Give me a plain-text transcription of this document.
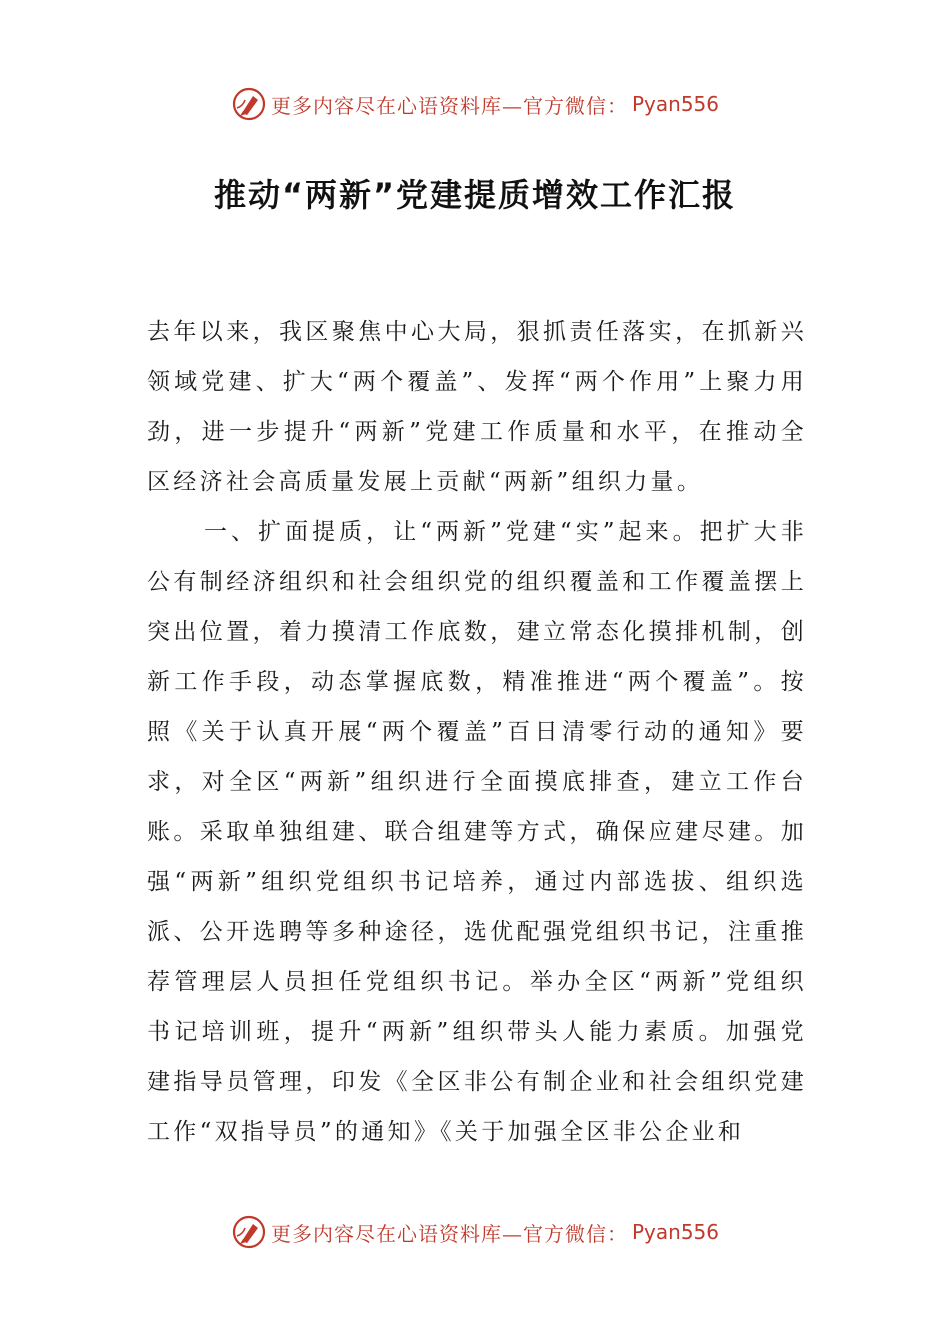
更多内容尽在心语资料库—官方微信： Pyan556
推动“两新”党建提质增效工作汇报

去年以来，我区聚焦中心大局，狠抓责任落实，在抓新兴领域党建、扩大“两个覆盖”、发挥“两个作用”上聚力用劲，进一步提升“两新”党建工作质量和水平，在推动全区经济社会高质量发展上贡献“两新”组织力量。

一、扩面提质，让“两新”党建“实”起来。把扩大非公有制经济组织和社会组织党的组织覆盖和工作覆盖摆上突出位置，着力摸清工作底数，建立常态化摸排机制，创新工作手段，动态掌握底数，精准推进“两个覆盖”。按照《关于认真开展“两个覆盖”百日清零行动的通知》要求，对全区“两新”组织进行全面摸底排查，建立工作台账。采取单独组建、联合组建等方式，确保应建尽建。加强“两新”组织党组织书记培养，通过内部选拔、组织选派、公开选聘等多种途径，选优配强党组织书记，注重推荐管理层人员担任党组织书记。举办全区“两新”党组织书记培训班，提升“两新”组织带头人能力素质。加强党建指导员管理，印发《全区非公有制企业和社会组织党建工作“双指导员”的通知》《关于加强全区非公企业和

更多内容尽在心语资料库—官方微信： Pyan556
